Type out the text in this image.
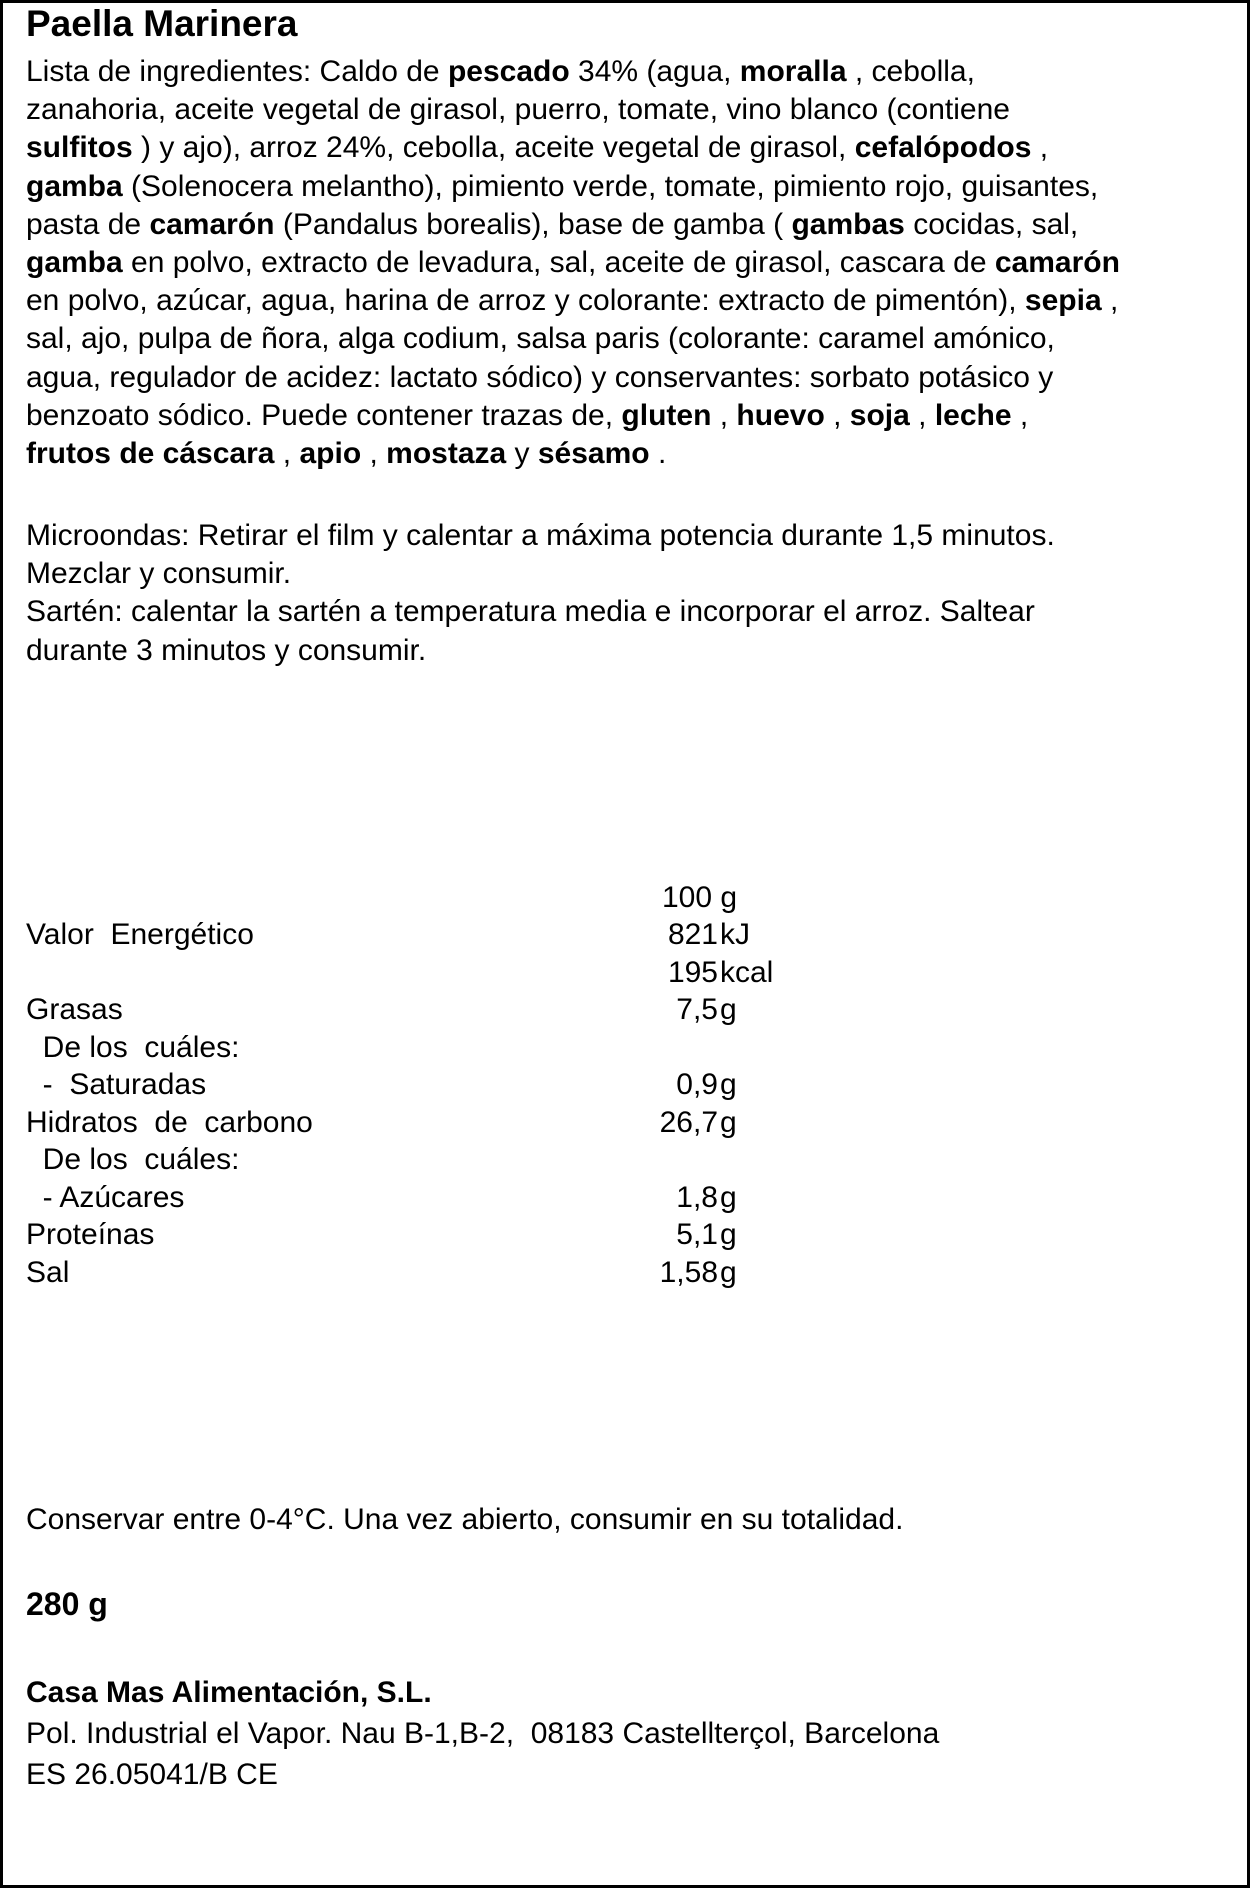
Paella Marinera
Lista de ingredientes: Caldo de pescado 34% (agua, moralla , cebolla,
zanahoria, aceite vegetal de girasol, puerro, tomate, vino blanco (contiene
sulfitos ) y ajo), arroz 24%, cebolla, aceite vegetal de girasol, cefalópodos ,
gamba (Solenocera melantho), pimiento verde, tomate, pimiento rojo, guisantes,
pasta de camarón (Pandalus borealis), base de gamba ( gambas cocidas, sal,
gamba en polvo, extracto de levadura, sal, aceite de girasol, cascara de camarón
en polvo, azúcar, agua, harina de arroz y colorante: extracto de pimentón), sepia ,
sal, ajo, pulpa de ñora, alga codium, salsa paris (colorante: caramel amónico,
agua, regulador de acidez: lactato sódico) y conservantes: sorbato potásico y
benzoato sódico. Puede contener trazas de, gluten , huevo , soja , leche ,
frutos de cáscara , apio , mostaza y sésamo .
Microondas: Retirar el film y calentar a máxima potencia durante 1,5 minutos.
Mezclar y consumir.
Sartén: calentar la sartén a temperatura media e incorporar el arroz. Saltear
durante 3 minutos y consumir.

100 g

Valor  Energético	821 kJ
195 kcal
Grasas	7,5 g
De los  cuáles:
-  Saturadas	0,9 g
Hidratos  de  carbono	26,7 g
De los  cuáles:
- Azúcares	1,8 g
Proteínas	5,1 g
Sal	1,58 g
Conservar entre 0-4°C. Una vez abierto, consumir en su totalidad.
280 g
Casa Mas Alimentación, S.L.
Pol. Industrial el Vapor. Nau B-1,B-2,  08183 Castellterçol, Barcelona
ES 26.05041/B CE
